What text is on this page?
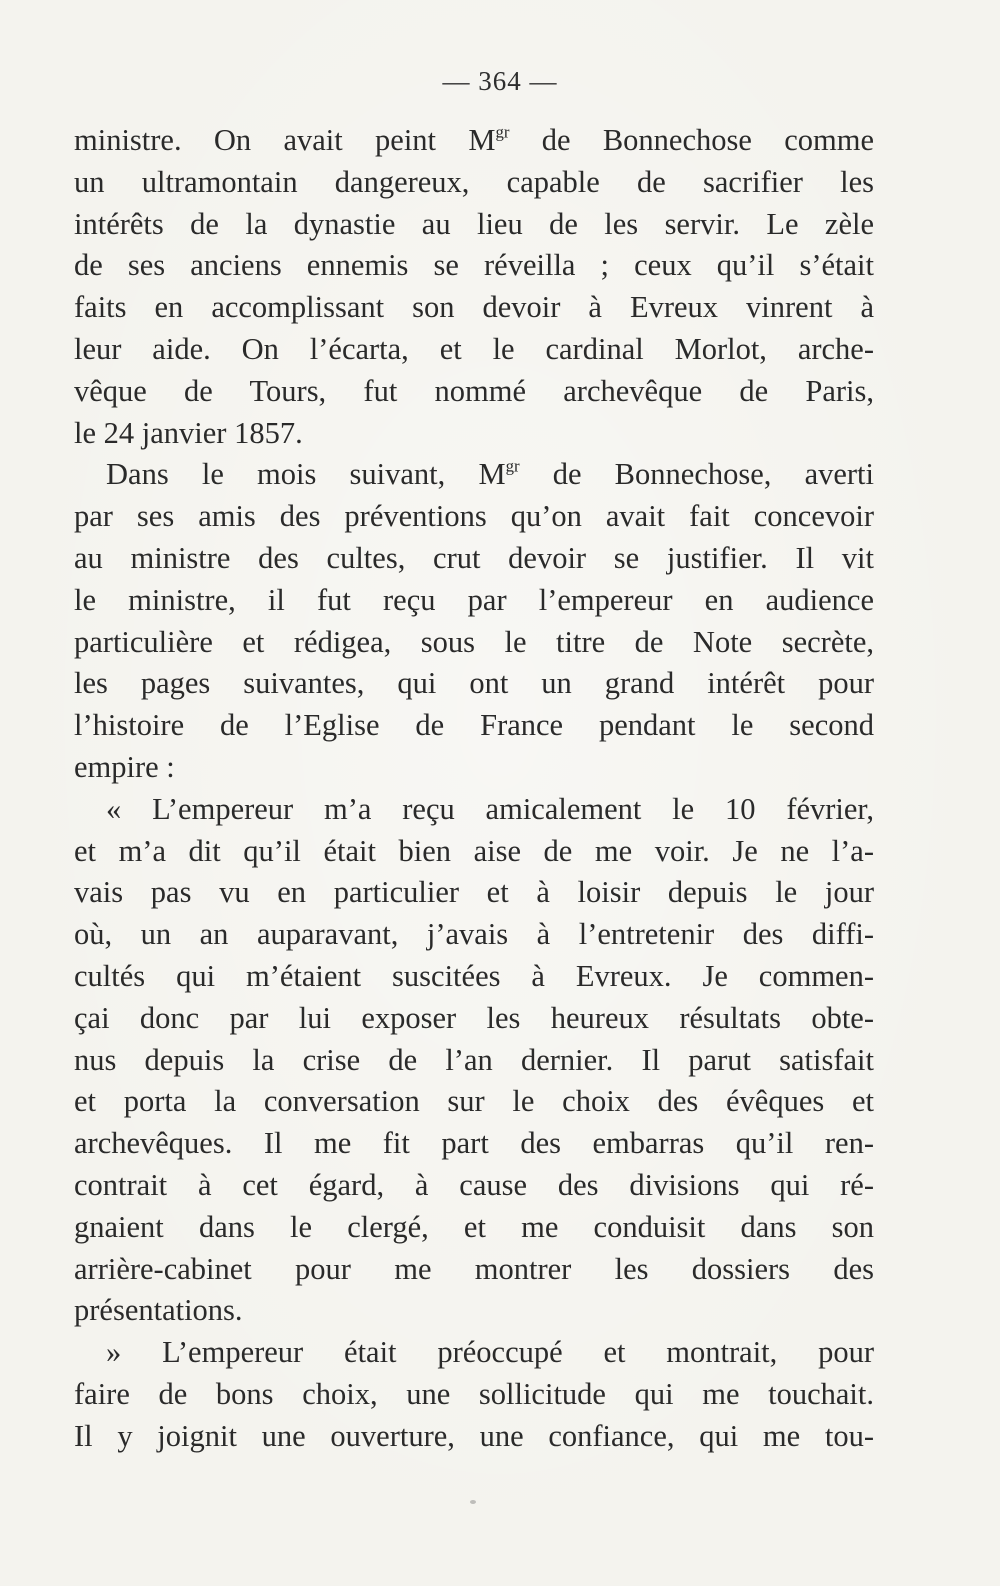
— 364 —
ministre. On avait peint $M^{gr}$ de Bonnechose comme
un ultramontain dangereux, capable de sacrifier les
intérêts de la dynastie au lieu de les servir. Le zèle
de ses anciens ennemis se réveilla ; ceux qu’il s’était
faits en accomplissant son devoir à Evreux vinrent à
leur aide. On l’écarta, et le cardinal Morlot, arche-
vêque de Tours, fut nommé archevêque de Paris,
le 24 janvier 1857.
Dans le mois suivant, $M^{gr}$ de Bonnechose, averti
par ses amis des préventions qu’on avait fait concevoir
au ministre des cultes, crut devoir se justifier. Il vit
le ministre, il fut reçu par l’empereur en audience
particulière et rédigea, sous le titre de Note secrète,
les pages suivantes, qui ont un grand intérêt pour
l’histoire de l’Eglise de France pendant le second
empire :
« L’empereur m’a reçu amicalement le 10 février,
et m’a dit qu’il était bien aise de me voir. Je ne l’a-
vais pas vu en particulier et à loisir depuis le jour
où, un an auparavant, j’avais à l’entretenir des diffi-
cultés qui m’étaient suscitées à Evreux. Je commen-
çai donc par lui exposer les heureux résultats obte-
nus depuis la crise de l’an dernier. Il parut satisfait
et porta la conversation sur le choix des évêques et
archevêques. Il me fit part des embarras qu’il ren-
contrait à cet égard, à cause des divisions qui ré-
gnaient dans le clergé, et me conduisit dans son
arrière-cabinet pour me montrer les dossiers des
présentations.
» L’empereur était préoccupé et montrait, pour
faire de bons choix, une sollicitude qui me touchait.
Il y joignit une ouverture, une confiance, qui me tou-
